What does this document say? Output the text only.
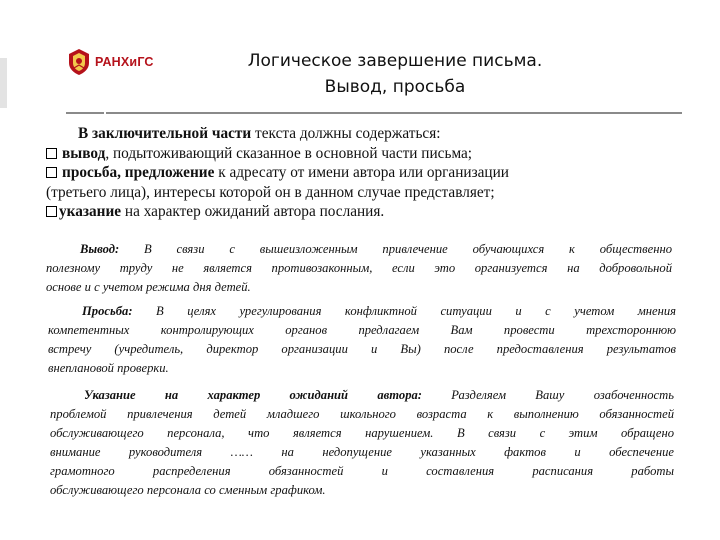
РАНХиГС	Логическое завершение письма.
Вывод, просьба
В заключительной части текста должны содержаться:
вывод, подытоживающий сказанное в основной части письма;
просьба, предложение к адресату от имени автора или организации
(третьего лица), интересы которой он в данном случае представляет;
указание на характер ожиданий автора послания.
Вывод: В связи с вышеизложенным привлечение обучающихся к общественно
полезному труду не является противозаконным, если это организуется на добровольной
основе и с учетом режима дня детей.
Просьба: В целях урегулирования конфликтной ситуации и с учетом мнения
компетентных контролирующих органов предлагаем Вам провести трехстороннюю
встречу (учредитель, директор организации и Вы) после предоставления результатов
внеплановой проверки.
Указание на характер ожиданий автора: Разделяем Вашу озабоченность
проблемой привлечения детей младшего школьного возраста к выполнению обязанностей
обслуживающего персонала, что является нарушением. В связи с этим обращено
внимание руководителя …… на недопущение указанных фактов и обеспечение
грамотного распределения обязанностей и составления расписания работы
обслуживающего персонала со сменным графиком.
